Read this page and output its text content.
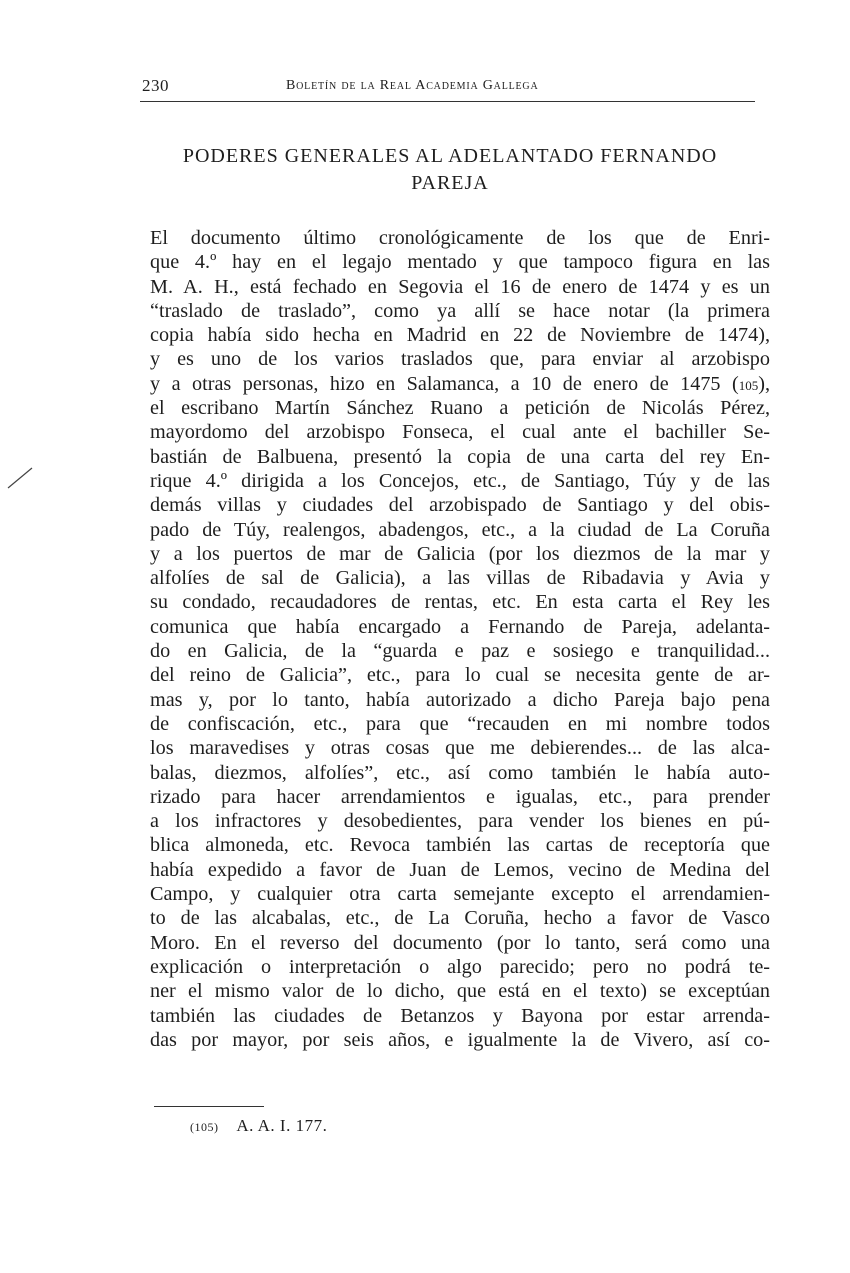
230	Boletín de la Real Academia Gallega
PODERES GENERALES AL ADELANTADO FERNANDO
PAREJA
El documento último cronológicamente de los que de Enri-
que 4.º hay en el legajo mentado y que tampoco figura en las
M. A. H., está fechado en Segovia el 16 de enero de 1474 y es un
“traslado de traslado”, como ya allí se hace notar (la primera
copia había sido hecha en Madrid en 22 de Noviembre de 1474),
y es uno de los varios traslados que, para enviar al arzobispo
y a otras personas, hizo en Salamanca, a 10 de enero de 1475 (105),
el escribano Martín Sánchez Ruano a petición de Nicolás Pérez,
mayordomo del arzobispo Fonseca, el cual ante el bachiller Se-
bastián de Balbuena, presentó la copia de una carta del rey En-
rique 4.º dirigida a los Concejos, etc., de Santiago, Túy y de las
demás villas y ciudades del arzobispado de Santiago y del obis-
pado de Túy, realengos, abadengos, etc., a la ciudad de La Coruña
y a los puertos de mar de Galicia (por los diezmos de la mar y
alfolíes de sal de Galicia), a las villas de Ribadavia y Avia y
su condado, recaudadores de rentas, etc. En esta carta el Rey les
comunica que había encargado a Fernando de Pareja, adelanta-
do en Galicia, de la “guarda e paz e sosiego e tranquilidad...
del reino de Galicia”, etc., para lo cual se necesita gente de ar-
mas y, por lo tanto, había autorizado a dicho Pareja bajo pena
de confiscación, etc., para que “recauden en mi nombre todos
los maravedises y otras cosas que me debierendes... de las alca-
balas, diezmos, alfolíes”, etc., así como también le había auto-
rizado para hacer arrendamientos e igualas, etc., para prender
a los infractores y desobedientes, para vender los bienes en pú-
blica almoneda, etc. Revoca también las cartas de receptoría que
había expedido a favor de Juan de Lemos, vecino de Medina del
Campo, y cualquier otra carta semejante excepto el arrendamien-
to de las alcabalas, etc., de La Coruña, hecho a favor de Vasco
Moro. En el reverso del documento (por lo tanto, será como una
explicación o interpretación o algo parecido; pero no podrá te-
ner el mismo valor de lo dicho, que está en el texto) se exceptúan
también las ciudades de Betanzos y Bayona por estar arrenda-
das por mayor, por seis años, e igualmente la de Vivero, así co-
(105) A. A. I. 177.
